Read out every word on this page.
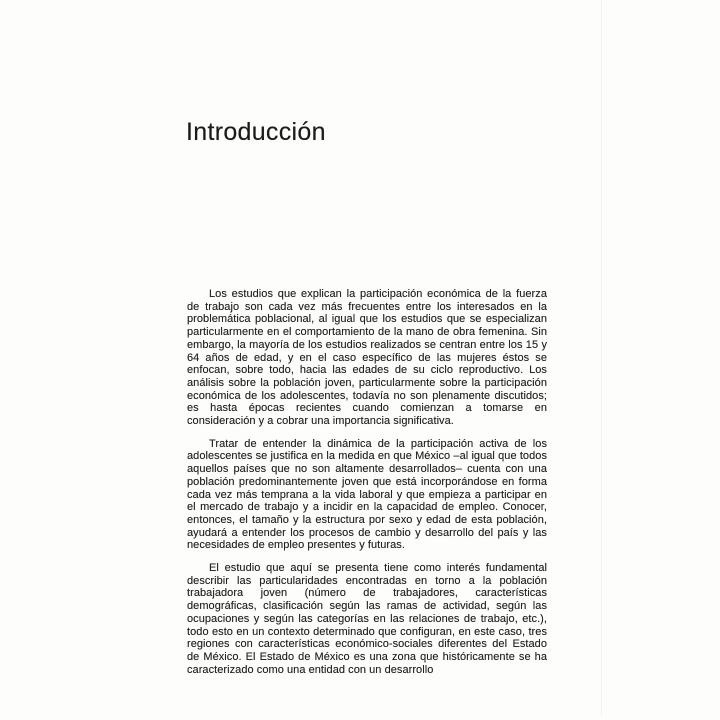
Introducción

Los estudios que explican la participación económica de la fuerza de trabajo son cada vez más frecuentes entre los interesados en la problemática poblacional, al igual que los estudios que se especializan particularmente en el comportamiento de la mano de obra femenina. Sin embargo, la mayoría de los estudios realizados se centran entre los 15 y 64 años de edad, y en el caso específico de las mujeres éstos se enfocan, sobre todo, hacia las edades de su ciclo reproductivo. Los análisis sobre la población joven, particularmente sobre la participación económica de los adolescentes, todavía no son plenamente discutidos; es hasta épocas recientes cuando comienzan a tomarse en consideración y a cobrar una importancia significativa.

Tratar de entender la dinámica de la participación activa de los adolescentes se justifica en la medida en que México –al igual que todos aquellos países que no son altamente desarrollados– cuenta con una población predominantemente joven que está incorporándose en forma cada vez más temprana a la vida laboral y que empieza a participar en el mercado de trabajo y a incidir en la capacidad de empleo. Conocer, entonces, el tamaño y la estructura por sexo y edad de esta población, ayudará a entender los procesos de cambio y desarrollo del país y las necesidades de empleo presentes y futuras.

El estudio que aquí se presenta tiene como interés fundamental describir las particularidades encontradas en torno a la población trabajadora joven (número de trabajadores, características demográficas, clasificación según las ramas de actividad, según las ocupaciones y según las categorías en las relaciones de trabajo, etc.), todo esto en un contexto determinado que configuran, en este caso, tres regiones con características económico-sociales diferentes del Estado de México. El Estado de México es una zona que históricamente se ha caracterizado como una entidad con un desarrollo
